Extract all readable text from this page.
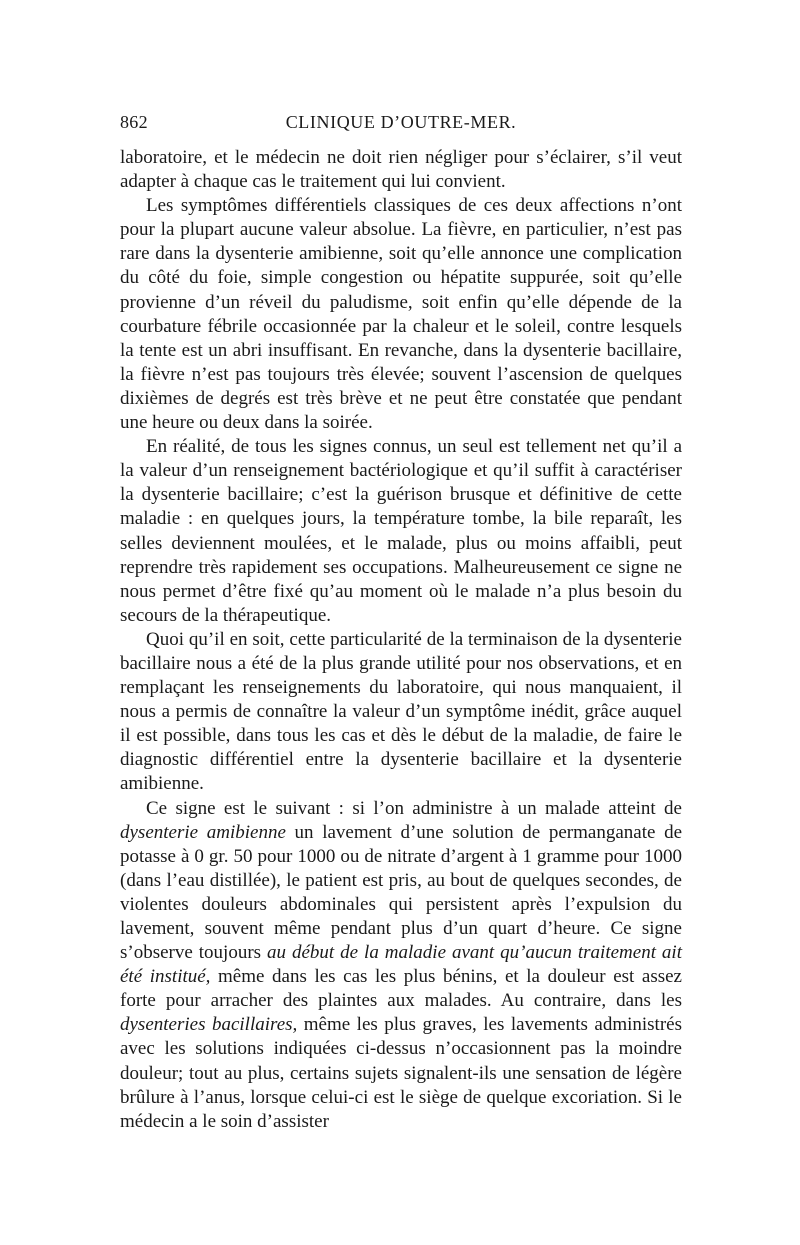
862	CLINIQUE D’OUTRE-MER.

laboratoire, et le médecin ne doit rien négliger pour s’éclairer, s’il veut adapter à chaque cas le traitement qui lui convient.

Les symptômes différentiels classiques de ces deux affections n’ont pour la plupart aucune valeur absolue. La fièvre, en particulier, n’est pas rare dans la dysenterie amibienne, soit qu’elle annonce une complication du côté du foie, simple congestion ou hépatite suppurée, soit qu’elle provienne d’un réveil du paludisme, soit enfin qu’elle dépende de la courbature fébrile occasionnée par la chaleur et le soleil, contre lesquels la tente est un abri insuffisant. En revanche, dans la dysenterie bacillaire, la fièvre n’est pas toujours très élevée; souvent l’ascension de quelques dixièmes de degrés est très brève et ne peut être constatée que pendant une heure ou deux dans la soirée.

En réalité, de tous les signes connus, un seul est tellement net qu’il a la valeur d’un renseignement bactériologique et qu’il suffit à caractériser la dysenterie bacillaire; c’est la guérison brusque et définitive de cette maladie : en quelques jours, la température tombe, la bile reparaît, les selles deviennent moulées, et le malade, plus ou moins affaibli, peut reprendre très rapidement ses occupations. Malheureusement ce signe ne nous permet d’être fixé qu’au moment où le malade n’a plus besoin du secours de la thérapeutique.

Quoi qu’il en soit, cette particularité de la terminaison de la dysenterie bacillaire nous a été de la plus grande utilité pour nos observations, et en remplaçant les renseignements du laboratoire, qui nous manquaient, il nous a permis de connaître la valeur d’un symptôme inédit, grâce auquel il est possible, dans tous les cas et dès le début de la maladie, de faire le diagnostic différentiel entre la dysenterie bacillaire et la dysenterie amibienne.

Ce signe est le suivant : si l’on administre à un malade atteint de dysenterie amibienne un lavement d’une solution de permanganate de potasse à 0 gr. 50 pour 1000 ou de nitrate d’argent à 1 gramme pour 1000 (dans l’eau distillée), le patient est pris, au bout de quelques secondes, de violentes douleurs abdominales qui persistent après l’expulsion du lavement, souvent même pendant plus d’un quart d’heure. Ce signe s’observe toujours au début de la maladie avant qu’aucun traitement ait été institué, même dans les cas les plus bénins, et la douleur est assez forte pour arracher des plaintes aux malades. Au contraire, dans les dysenteries bacillaires, même les plus graves, les lavements administrés avec les solutions indiquées ci-dessus n’occasionnent pas la moindre douleur; tout au plus, certains sujets signalent-ils une sensation de légère brûlure à l’anus, lorsque celui-ci est le siège de quelque excoriation. Si le médecin a le soin d’assister
